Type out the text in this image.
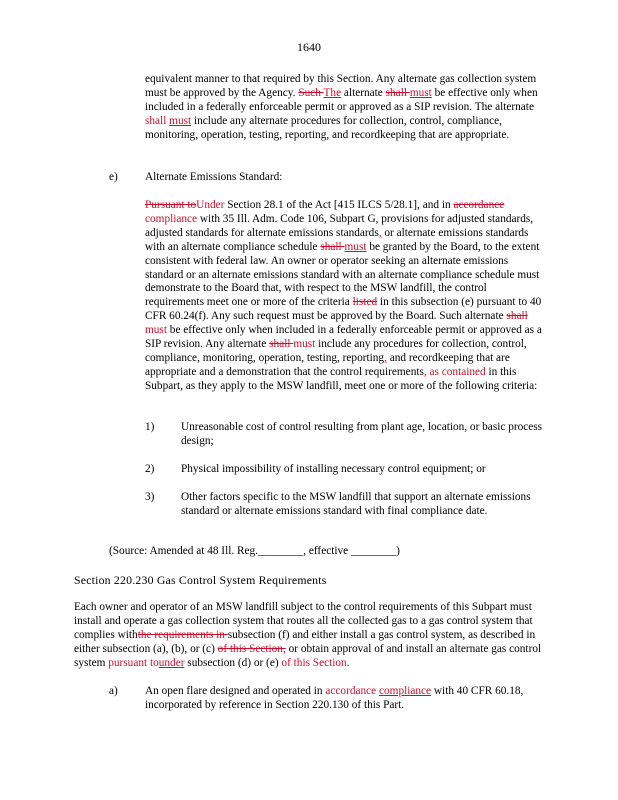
1640
equivalent manner to that required by this Section. Any alternate gas collection system must be approved by the Agency. Such The alternate shall must be effective only when included in a federally enforceable permit or approved as a SIP revision. The alternate shall must include any alternate procedures for collection, control, compliance, monitoring, operation, testing, reporting, and recordkeeping that are appropriate.
e) Alternate Emissions Standard:
Pursuant toUnder Section 28.1 of the Act [415 ILCS 5/28.1], and in accordance compliance with 35 Ill. Adm. Code 106, Subpart G, provisions for adjusted standards, adjusted standards for alternate emissions standards, or alternate emissions standards with an alternate compliance schedule shall must be granted by the Board, to the extent consistent with federal law. An owner or operator seeking an alternate emissions standard or an alternate emissions standard with an alternate compliance schedule must demonstrate to the Board that, with respect to the MSW landfill, the control requirements meet one or more of the criteria listed in this subsection (e) pursuant to 40 CFR 60.24(f). Any such request must be approved by the Board. Such alternate shall must be effective only when included in a federally enforceable permit or approved as a SIP revision. Any alternate shall must include any procedures for collection, control, compliance, monitoring, operation, testing, reporting, and recordkeeping that are appropriate and a demonstration that the control requirements, as contained in this Subpart, as they apply to the MSW landfill, meet one or more of the following criteria:
1) Unreasonable cost of control resulting from plant age, location, or basic process design;
2) Physical impossibility of installing necessary control equipment; or
3) Other factors specific to the MSW landfill that support an alternate emissions standard or alternate emissions standard with final compliance date.
(Source: Amended at 48 Ill. Reg.________, effective ________)
Section 220.230 Gas Control System Requirements
Each owner and operator of an MSW landfill subject to the control requirements of this Subpart must install and operate a gas collection system that routes all the collected gas to a gas control system that complies withthe requirements in subsection (f) and either install a gas control system, as described in either subsection (a), (b), or (c) of this Section, or obtain approval of and install an alternate gas control system pursuant tounder subsection (d) or (e) of this Section.
a) An open flare designed and operated in accordance compliance with 40 CFR 60.18, incorporated by reference in Section 220.130 of this Part.
